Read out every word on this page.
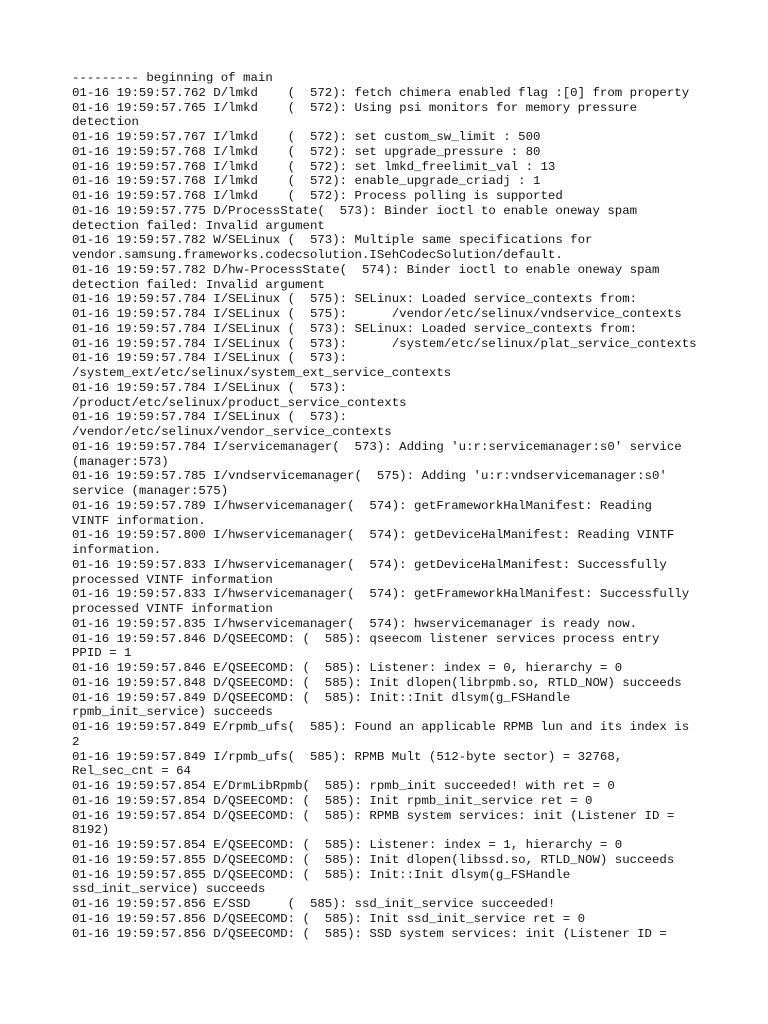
--------- beginning of main
01-16 19:59:57.762 D/lmkd    (  572): fetch chimera enabled flag :[0] from property
01-16 19:59:57.765 I/lmkd    (  572): Using psi monitors for memory pressure
detection
01-16 19:59:57.767 I/lmkd    (  572): set custom_sw_limit : 500
01-16 19:59:57.768 I/lmkd    (  572): set upgrade_pressure : 80
01-16 19:59:57.768 I/lmkd    (  572): set lmkd_freelimit_val : 13
01-16 19:59:57.768 I/lmkd    (  572): enable_upgrade_criadj : 1
01-16 19:59:57.768 I/lmkd    (  572): Process polling is supported
01-16 19:59:57.775 D/ProcessState(  573): Binder ioctl to enable oneway spam
detection failed: Invalid argument
01-16 19:59:57.782 W/SELinux (  573): Multiple same specifications for
vendor.samsung.frameworks.codecsolution.ISehCodecSolution/default.
01-16 19:59:57.782 D/hw-ProcessState(  574): Binder ioctl to enable oneway spam
detection failed: Invalid argument
01-16 19:59:57.784 I/SELinux (  575): SELinux: Loaded service_contexts from:
01-16 19:59:57.784 I/SELinux (  575):      /vendor/etc/selinux/vndservice_contexts
01-16 19:59:57.784 I/SELinux (  573): SELinux: Loaded service_contexts from:
01-16 19:59:57.784 I/SELinux (  573):      /system/etc/selinux/plat_service_contexts
01-16 19:59:57.784 I/SELinux (  573):
/system_ext/etc/selinux/system_ext_service_contexts
01-16 19:59:57.784 I/SELinux (  573):
/product/etc/selinux/product_service_contexts
01-16 19:59:57.784 I/SELinux (  573):
/vendor/etc/selinux/vendor_service_contexts
01-16 19:59:57.784 I/servicemanager(  573): Adding 'u:r:servicemanager:s0' service
(manager:573)
01-16 19:59:57.785 I/vndservicemanager(  575): Adding 'u:r:vndservicemanager:s0'
service (manager:575)
01-16 19:59:57.789 I/hwservicemanager(  574): getFrameworkHalManifest: Reading
VINTF information.
01-16 19:59:57.800 I/hwservicemanager(  574): getDeviceHalManifest: Reading VINTF
information.
01-16 19:59:57.833 I/hwservicemanager(  574): getDeviceHalManifest: Successfully
processed VINTF information
01-16 19:59:57.833 I/hwservicemanager(  574): getFrameworkHalManifest: Successfully
processed VINTF information
01-16 19:59:57.835 I/hwservicemanager(  574): hwservicemanager is ready now.
01-16 19:59:57.846 D/QSEECOMD: (  585): qseecom listener services process entry
PPID = 1
01-16 19:59:57.846 E/QSEECOMD: (  585): Listener: index = 0, hierarchy = 0
01-16 19:59:57.848 D/QSEECOMD: (  585): Init dlopen(librpmb.so, RTLD_NOW) succeeds
01-16 19:59:57.849 D/QSEECOMD: (  585): Init::Init dlsym(g_FSHandle
rpmb_init_service) succeeds
01-16 19:59:57.849 E/rpmb_ufs(  585): Found an applicable RPMB lun and its index is
2
01-16 19:59:57.849 I/rpmb_ufs(  585): RPMB Mult (512-byte sector) = 32768,
Rel_sec_cnt = 64
01-16 19:59:57.854 E/DrmLibRpmb(  585): rpmb_init succeeded! with ret = 0
01-16 19:59:57.854 D/QSEECOMD: (  585): Init rpmb_init_service ret = 0
01-16 19:59:57.854 D/QSEECOMD: (  585): RPMB system services: init (Listener ID =
8192)
01-16 19:59:57.854 E/QSEECOMD: (  585): Listener: index = 1, hierarchy = 0
01-16 19:59:57.855 D/QSEECOMD: (  585): Init dlopen(libssd.so, RTLD_NOW) succeeds
01-16 19:59:57.855 D/QSEECOMD: (  585): Init::Init dlsym(g_FSHandle
ssd_init_service) succeeds
01-16 19:59:57.856 E/SSD     (  585): ssd_init_service succeeded!
01-16 19:59:57.856 D/QSEECOMD: (  585): Init ssd_init_service ret = 0
01-16 19:59:57.856 D/QSEECOMD: (  585): SSD system services: init (Listener ID =
